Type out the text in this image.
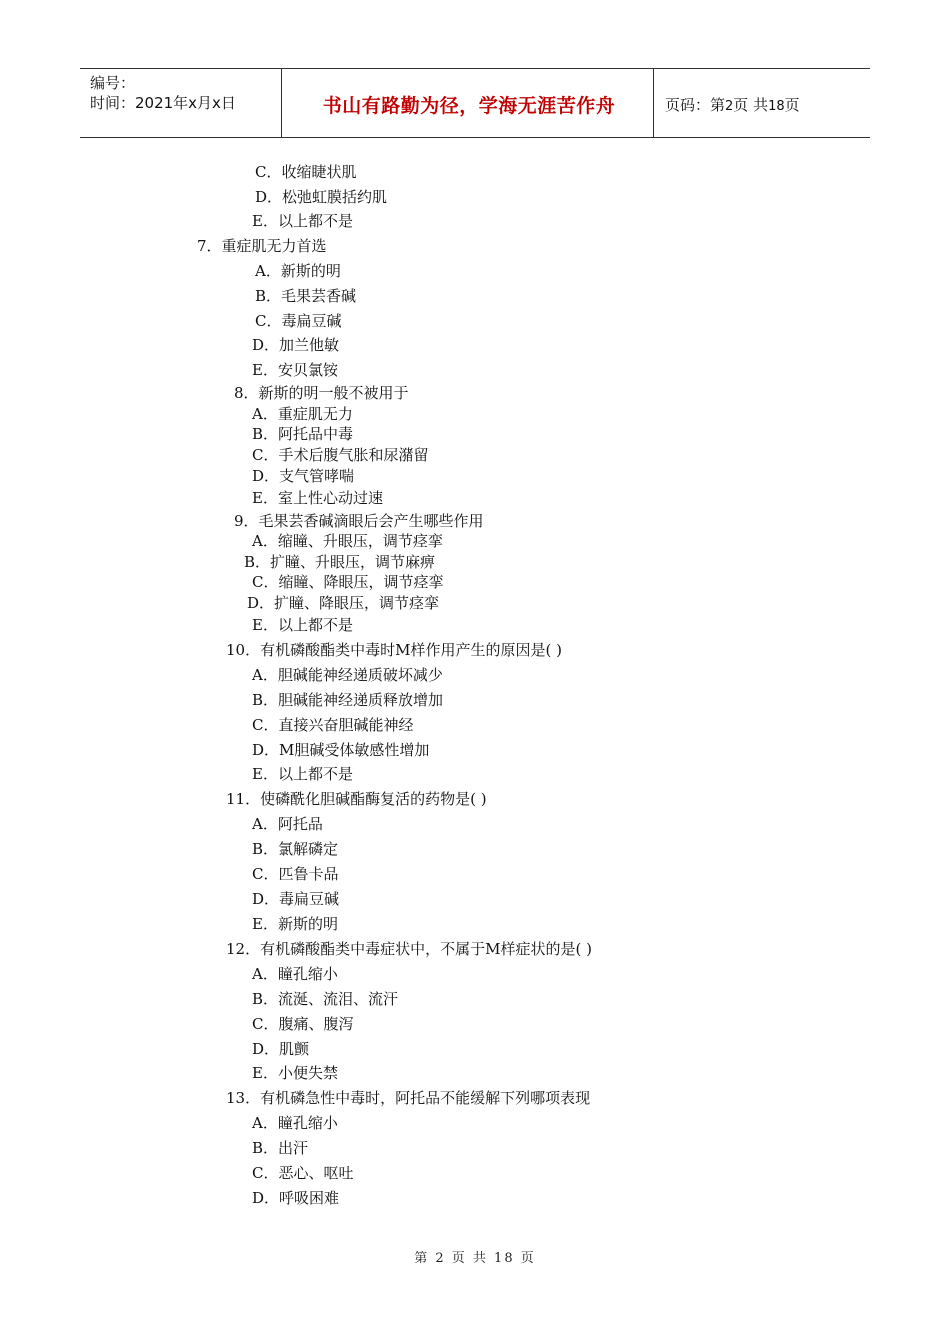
编号：
时间：2021年x月x日	书山有路勤为径，学海无涯苦作舟	页码：第2页 共18页
C．收缩睫状肌
D．松弛虹膜括约肌
E．以上都不是
7．重症肌无力首选
A．新斯的明
B．毛果芸香碱
C．毒扁豆碱
D．加兰他敏
E．安贝氯铵
8．新斯的明一般不被用于
A．重症肌无力
B．阿托品中毒
C．手术后腹气胀和尿潴留
D．支气管哮喘
E．室上性心动过速
9．毛果芸香碱滴眼后会产生哪些作用
A．缩瞳、升眼压，调节痉挛
B．扩瞳、升眼压，调节麻痹
C．缩瞳、降眼压，调节痉挛
D．扩瞳、降眼压，调节痉挛
E．以上都不是
10．有机磷酸酯类中毒时M样作用产生的原因是( )
A．胆碱能神经递质破坏减少
B．胆碱能神经递质释放增加
C．直接兴奋胆碱能神经
D．M胆碱受体敏感性增加
E．以上都不是
11．使磷酰化胆碱酯酶复活的药物是( )
A．阿托品
B．氯解磷定
C．匹鲁卡品
D．毒扁豆碱
E．新斯的明
12．有机磷酸酯类中毒症状中，不属于M样症状的是( )
A．瞳孔缩小
B．流涎、流泪、流汗
C．腹痛、腹泻
D．肌颤
E．小便失禁
13．有机磷急性中毒时，阿托品不能缓解下列哪项表现
A．瞳孔缩小
B．出汗
C．恶心、呕吐
D．呼吸困难
第 2 页 共 18 页
